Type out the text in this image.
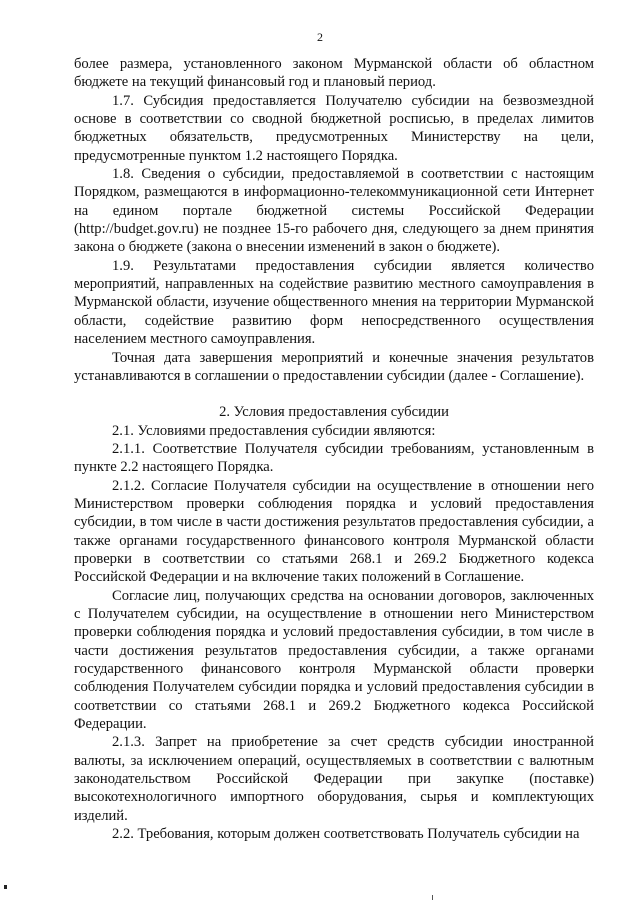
2

более размера, установленного законом Мурманской области об областном бюджете на текущий финансовый год и плановый период.

1.7. Субсидия предоставляется Получателю субсидии на безвозмездной основе в соответствии со сводной бюджетной росписью, в пределах лимитов бюджетных обязательств, предусмотренных Министерству на цели, предусмотренные пунктом 1.2 настоящего Порядка.

1.8. Сведения о субсидии, предоставляемой в соответствии с настоящим Порядком, размещаются в информационно-телекоммуникационной сети Интернет на едином портале бюджетной системы Российской Федерации (http://budget.gov.ru) не позднее 15-го рабочего дня, следующего за днем принятия закона о бюджете (закона о внесении изменений в закон о бюджете).

1.9. Результатами предоставления субсидии является количество мероприятий, направленных на содействие развитию местного самоуправления в Мурманской области, изучение общественного мнения на территории Мурманской области, содействие развитию форм непосредственного осуществления населением местного самоуправления.

Точная дата завершения мероприятий и конечные значения результатов устанавливаются в соглашении о предоставлении субсидии (далее - Соглашение).

2. Условия предоставления субсидии

2.1. Условиями предоставления субсидии являются:

2.1.1. Соответствие Получателя субсидии требованиям, установленным в пункте 2.2 настоящего Порядка.

2.1.2. Согласие Получателя субсидии на осуществление в отношении него Министерством проверки соблюдения порядка и условий предоставления субсидии, в том числе в части достижения результатов предоставления субсидии, а также органами государственного финансового контроля Мурманской области проверки в соответствии со статьями 268.1 и 269.2 Бюджетного кодекса Российской Федерации и на включение таких положений в Соглашение.

Согласие лиц, получающих средства на основании договоров, заключенных с Получателем субсидии, на осуществление в отношении него Министерством проверки соблюдения порядка и условий предоставления субсидии, в том числе в части достижения результатов предоставления субсидии, а также органами государственного финансового контроля Мурманской области проверки соблюдения Получателем субсидии порядка и условий предоставления субсидии в соответствии со статьями 268.1 и 269.2 Бюджетного кодекса Российской Федерации.

2.1.3. Запрет на приобретение за счет средств субсидии иностранной валюты, за исключением операций, осуществляемых в соответствии с валютным законодательством Российской Федерации при закупке (поставке) высокотехнологичного импортного оборудования, сырья и комплектующих изделий.

2.2. Требования, которым должен соответствовать Получатель субсидии на
